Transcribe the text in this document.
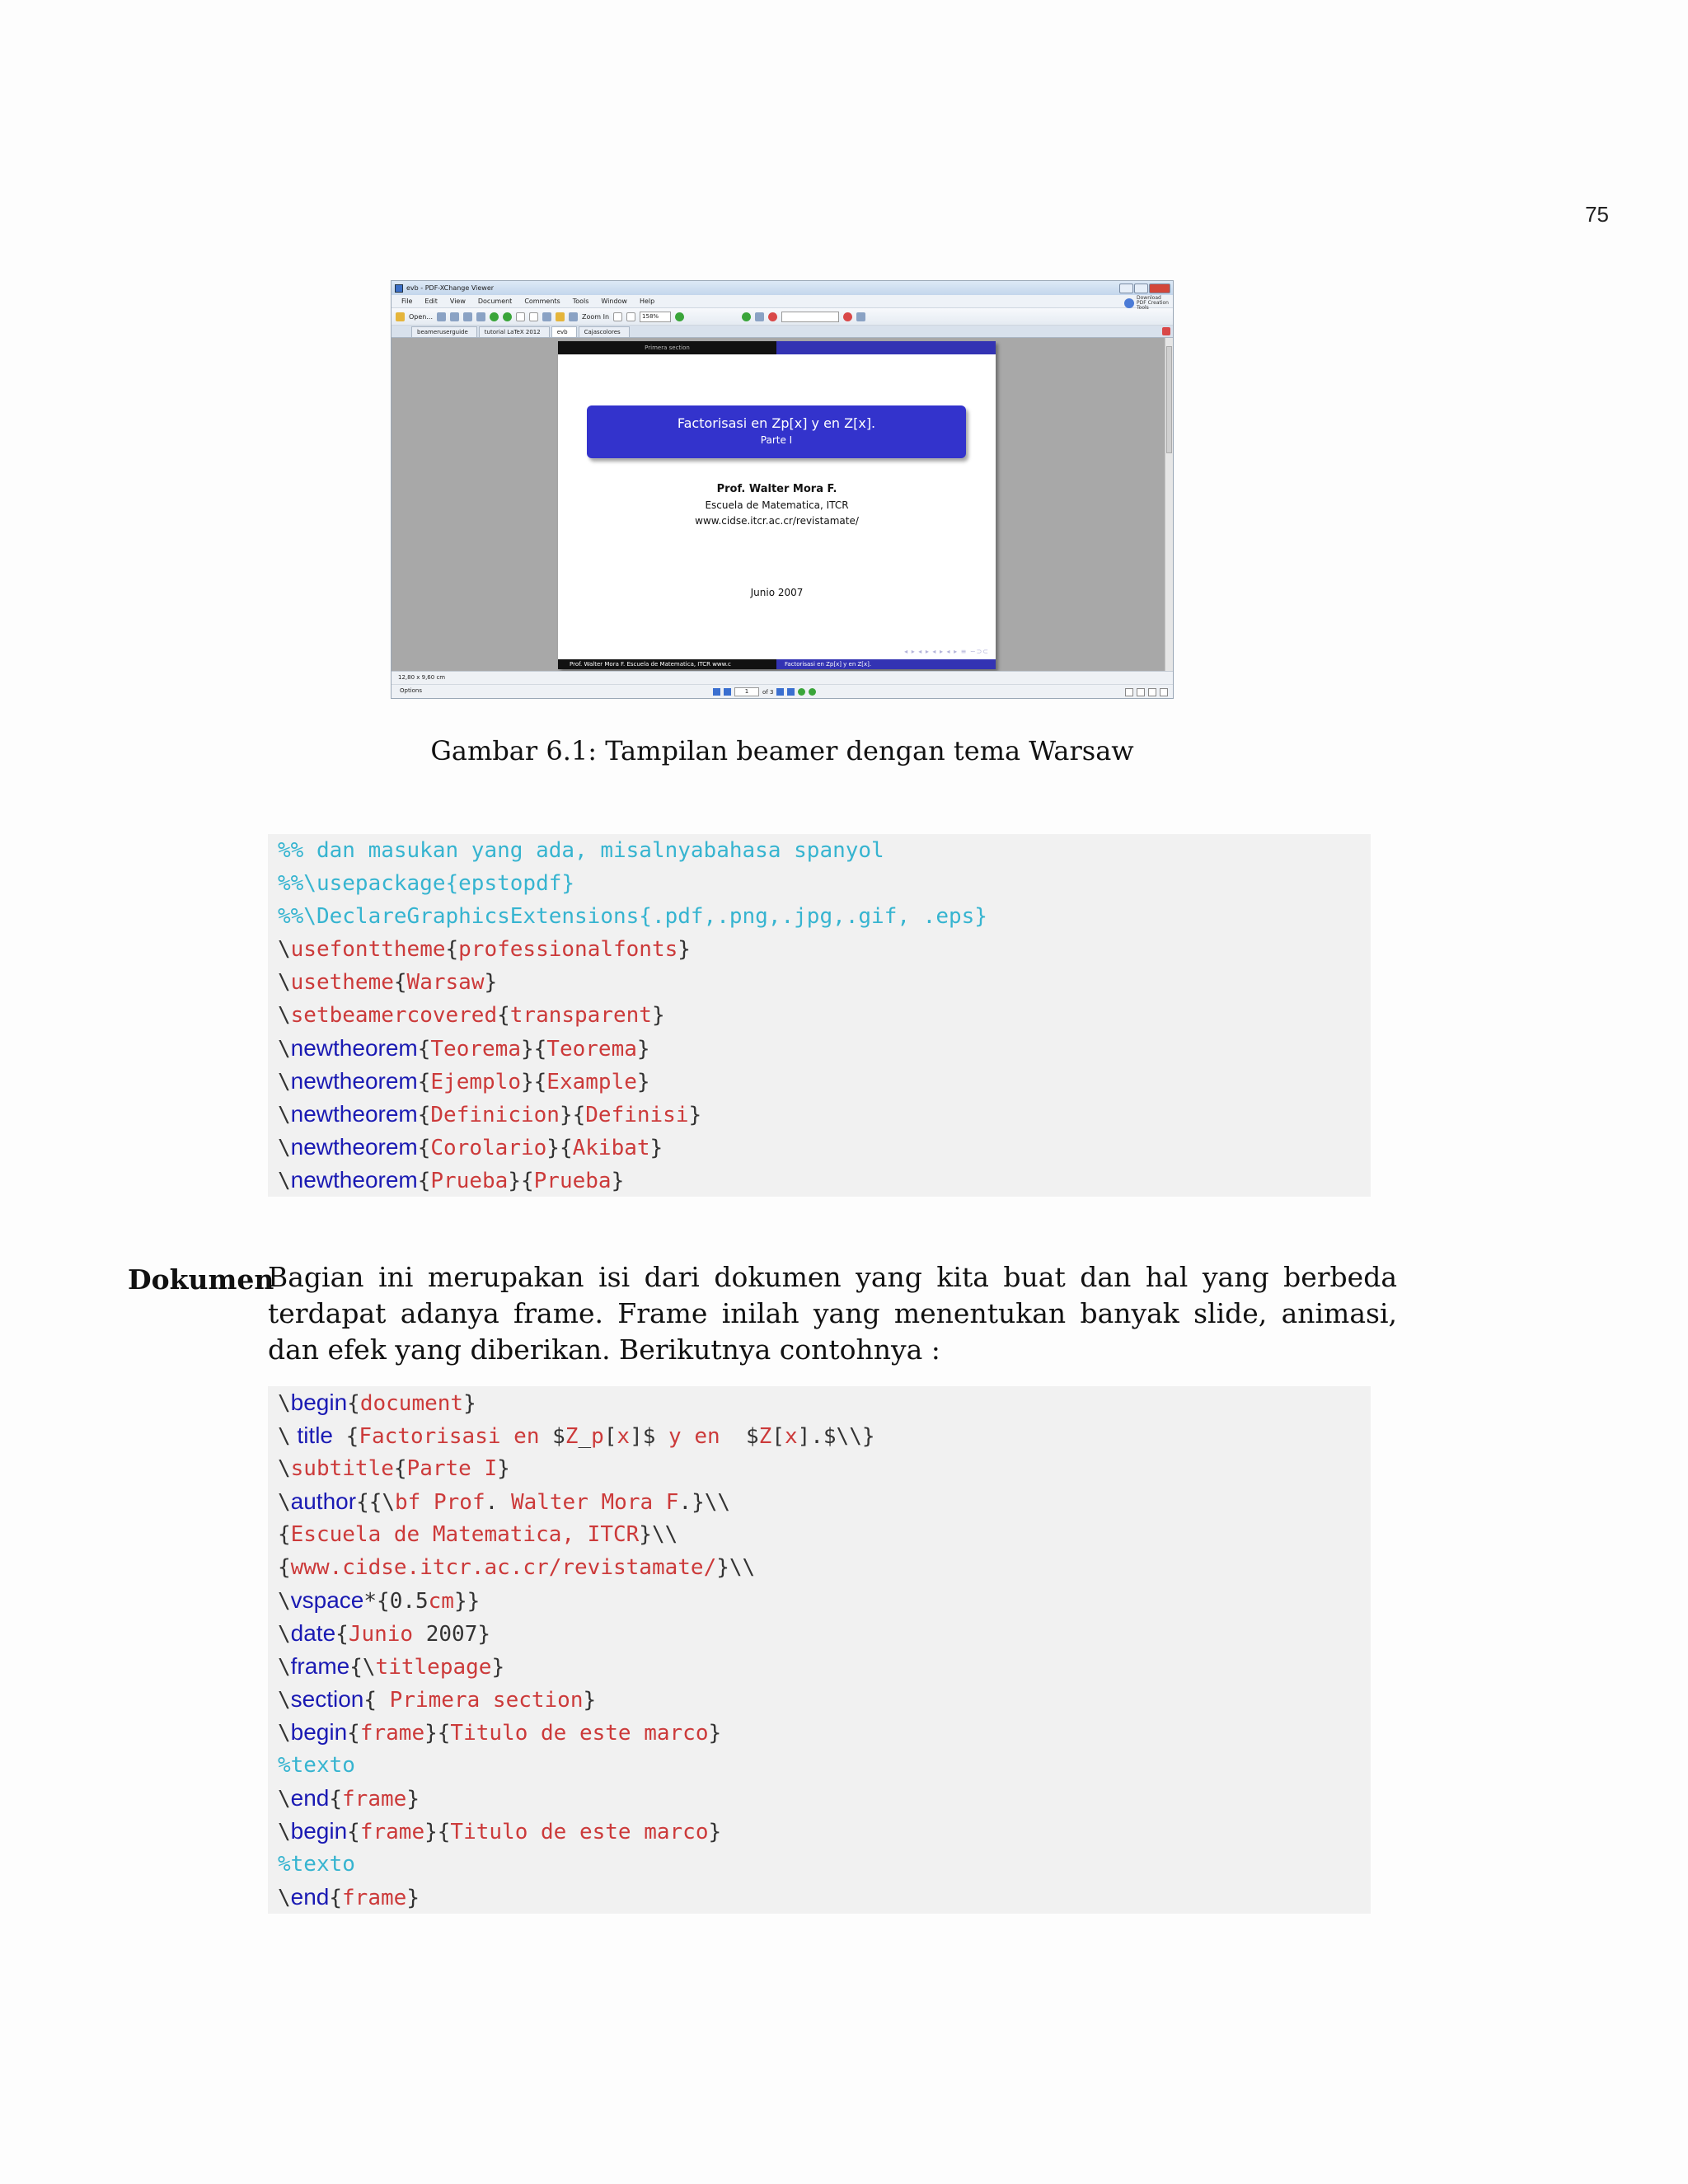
75
evb - PDF-XChange Viewer
File Edit View Document Comments Tools Window Help	Download PDF Creation Tools
Open...	Zoom In	158%
beameruserguide	tutorial LaTeX 2012	evb	Cajascolores
Primera section
Factorisasi en Zp[x] y en Z[x].
Parte I
Prof. Walter Mora F.
Escuela de Matematica, ITCR
www.cidse.itcr.ac.cr/revistamate/
Junio 2007
◂ ▸ ◂ ▸ ◂ ▸ ◂ ▸ ≡ ∽⊃⊂
Prof. Walter Mora F. Escuela de Matematica, ITCR www.c	Factorisasi en Zp[x] y en Z[x].
12,80 x 9,60 cm
Options	1	of 3
Gambar 6.1: Tampilan beamer dengan tema Warsaw
%% dan masukan yang ada, misalnyabahasa spanyol
%%\usepackage{epstopdf}
%%\DeclareGraphicsExtensions{.pdf,.png,.jpg,.gif, .eps}
\usefonttheme{professionalfonts}
\usetheme{Warsaw}
\setbeamercovered{transparent}
\newtheorem{Teorema}{Teorema}
\newtheorem{Ejemplo}{Example}
\newtheorem{Definicion}{Definisi}
\newtheorem{Corolario}{Akibat}
\newtheorem{Prueba}{Prueba}
Dokumen
Bagian ini merupakan isi dari dokumen yang kita buat dan hal yang berbeda terdapat adanya frame. Frame inilah yang menentukan banyak slide, animasi, dan efek yang diberikan. Berikutnya contohnya :
\begin{document}
\ title {Factorisasi en $Z_p[x]$ y en  $Z[x].$\\}
\subtitle{Parte I}
\author{{\bf Prof. Walter Mora F.}\\
{Escuela de Matematica, ITCR}\\
{www.cidse.itcr.ac.cr/revistamate/}\\
\vspace*{0.5cm}}
\date{Junio 2007}
\frame{\titlepage}
\section{ Primera section}
\begin{frame}{Titulo de este marco}
%texto
\end{frame}
\begin{frame}{Titulo de este marco}
%texto
\end{frame}
